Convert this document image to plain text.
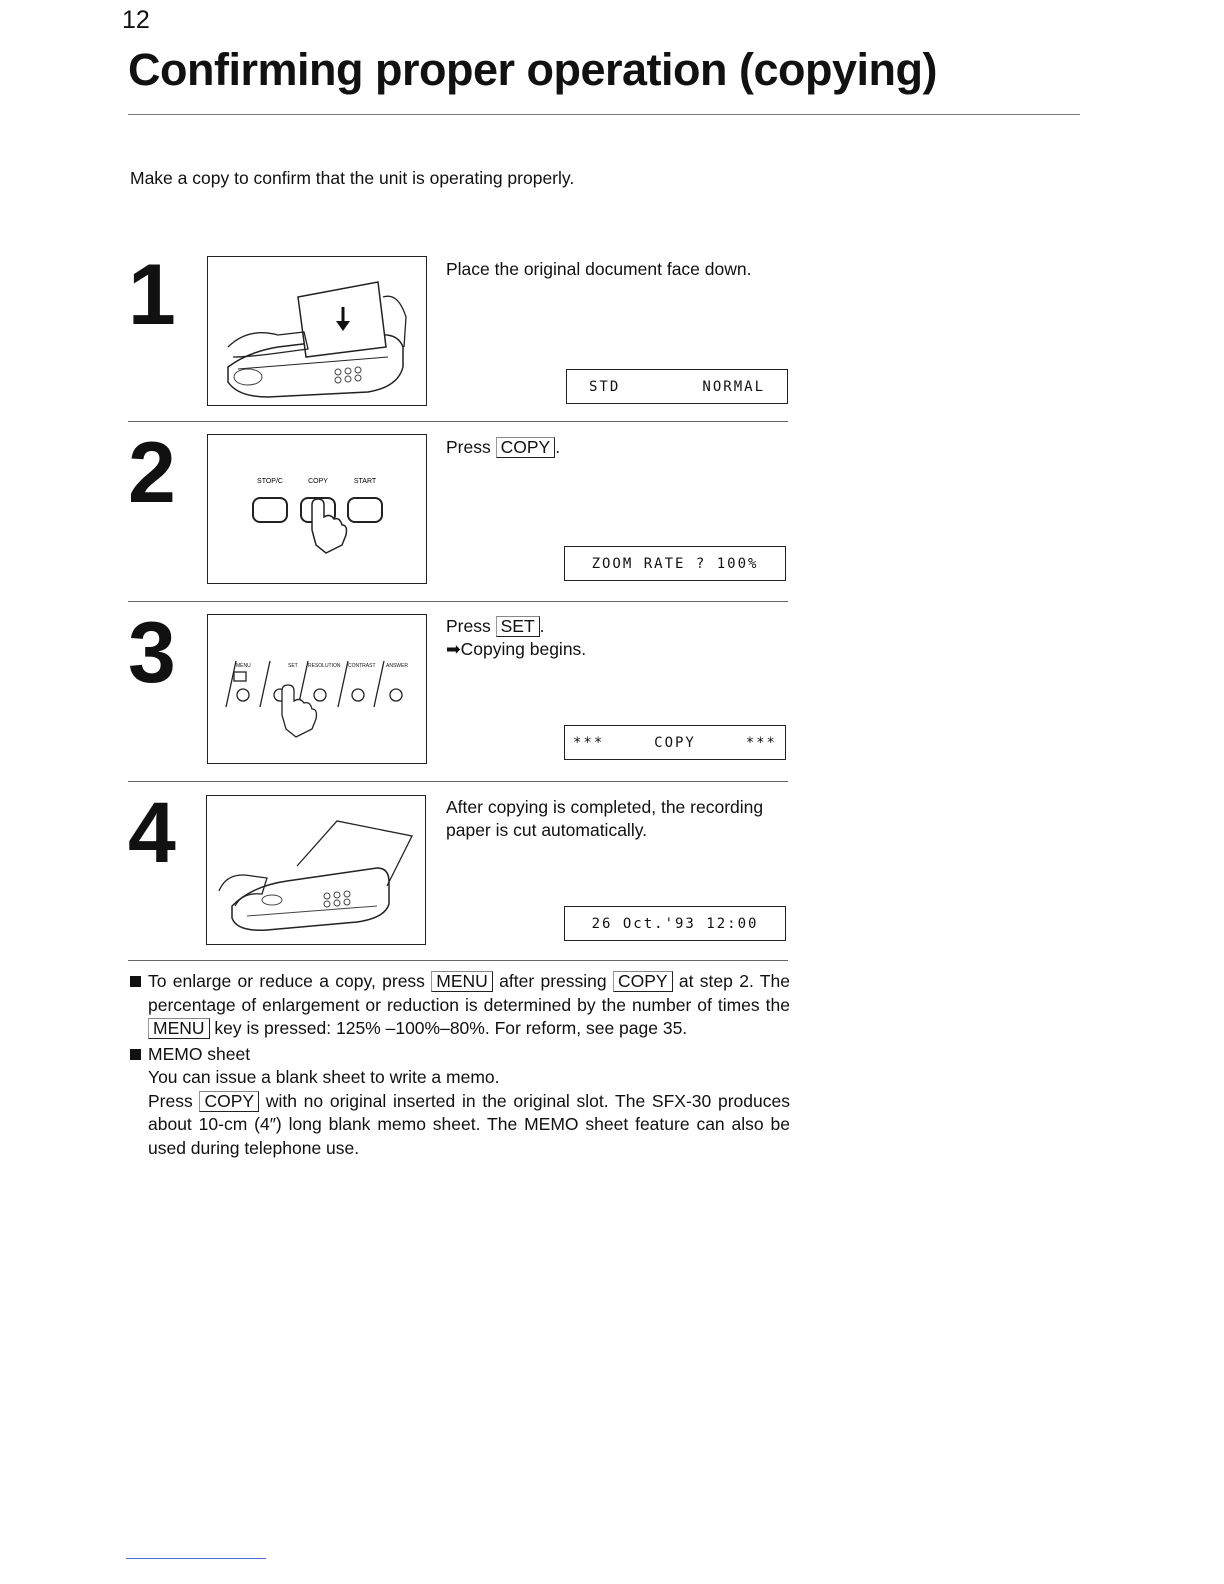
12
Confirming proper operation (copying)
Make a copy to confirm that the unit is operating properly.
1	Place the original document face down.
STD	NORMAL
2	STOP/C	COPY	START
Press COPY .
ZOOM RATE ? 100%
3	MENU	SET RESOLUTION CONTRAST ANSWER
Press SET .
➡Copying begins.
***	COPY	***
4	After copying is completed, the recording paper is cut automatically.
26 Oct.'93 12:00

To enlarge or reduce a copy, press MENU after pressing COPY at step 2. The percentage of enlargement or reduction is determined by the number of times the MENU key is pressed: 125% –100%–80%. For reform, see page 35.

MEMO sheet

You can issue a blank sheet to write a memo.

Press COPY with no original inserted in the original slot. The SFX-30 produces about 10-cm (4″) long blank memo sheet. The MEMO sheet feature can also be used during telephone use.
